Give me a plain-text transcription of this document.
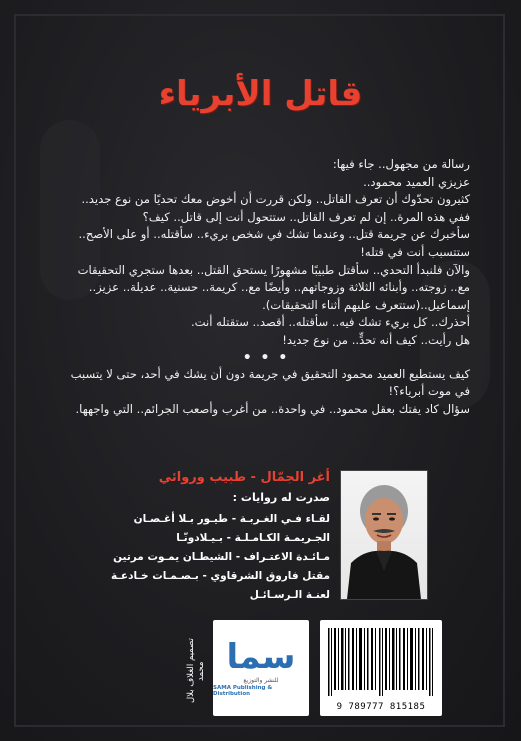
قاتل الأبرياء

رسالة من مجهول.. جاء فيها:

عزيزي العميد محمود..

كثيرون تحدّوك أن تعرف القاتل.. ولكن قررت أن أخوض معك تحديًا من نوع جديد.. ففي هذه المرة.. إن لم تعرف القاتل.. ستتحول أنت إلى قاتل.. كيف؟

سأخبرك عن جريمة قتل.. وعندما تشك في شخص بريء.. سأقتله.. أو على الأصح.. ستتسبب أنت في قتله!

والآن فلنبدأ التحدي.. سأقتل طبيبًا مشهورًا يستحق القتل.. بعدها ستجري التحقيقات مع.. زوجته.. وأبنائه الثلاثة وزوجاتهم.. وأيضًا مع.. كريمة.. حسنية.. عديلة.. عزيز.. إسماعيل..(ستتعرف عليهم أثناء التحقيقات).

أحذرك.. كل بريء تشك فيه.. سأقتله.. أقصد.. ستقتله أنت.

هل رأيت.. كيف أنه تحدٍّ.. من نوع جديد!

• • •

كيف يستطيع العميد محمود التحقيق في جريمة دون أن يشك في أحد، حتى لا يتسبب في موت أبرياء؟!

سؤال كاد يفتك بعقل محمود.. في واحدة.. من أغرب وأصعب الجرائم.. التي واجهها.

أغر الجمّال - طبيب وروائي

صدرت له روايات :

لقـاء فـي الغـربـة - طيـور بـلا أغـصـان

الجـريمـة الكـامـلـة - بـيـلادونّـا

مـائـدة الاعتـراف - الشيطـان يمـوت مرتين

مقتل فاروق الشرقاوي - بـصـمـات خـادعـة

لعنـة الـرسـائـل

تصميم الغلاف بلال محمد سما
للنشر والتوزيع
SAMA Publishing & Distribution
9 789777 815185
